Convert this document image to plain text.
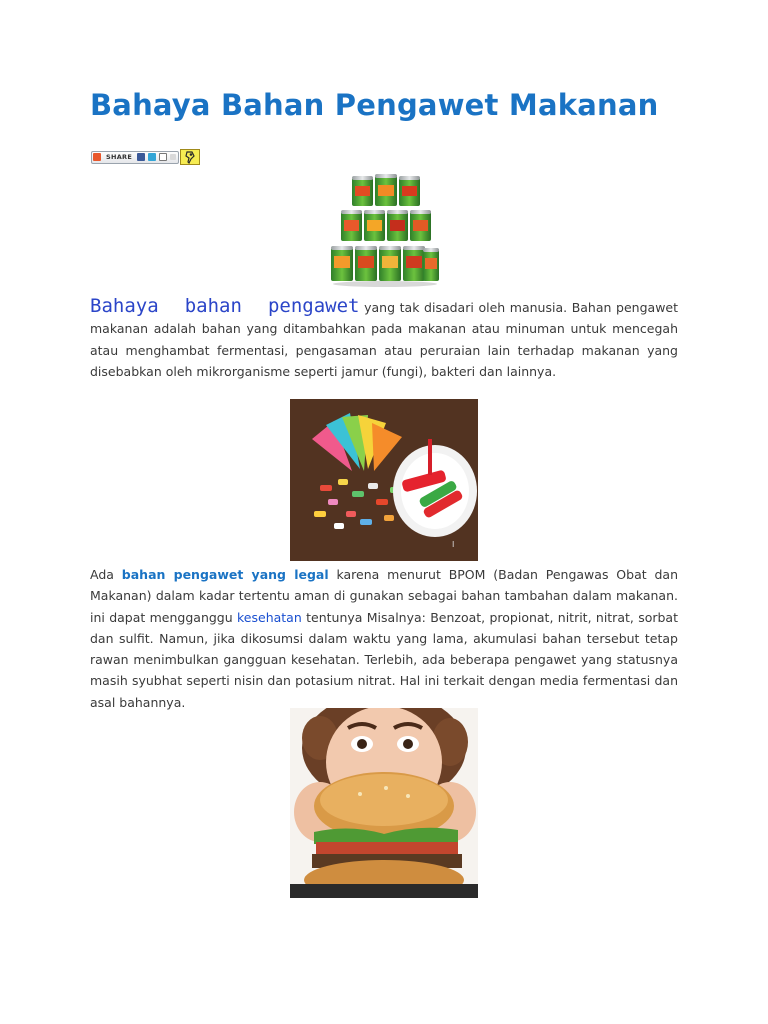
Bahaya Bahan Pengawet Makanan
SHARE

Bahaya bahan pengawet yang tak disadari oleh manusia. Bahan pengawet makanan adalah bahan yang ditambahkan pada makanan atau minuman untuk mencegah atau menghambat fermentasi, pengasaman atau peruraian lain terhadap makanan yang disebabkan oleh mikrorganisme seperti jamur (fungi), bakteri dan lainnya.

I

Ada bahan pengawet yang legal karena menurut BPOM (Badan Pengawas Obat dan Makanan) dalam kadar tertentu aman di gunakan sebagai bahan tambahan dalam makanan. ini dapat mengganggu kesehatan tentunya Misalnya: Benzoat, propionat, nitrit, nitrat, sorbat dan sulfit. Namun, jika dikosumsi dalam waktu yang lama, akumulasi bahan tersebut tetap rawan menimbulkan gangguan kesehatan. Terlebih, ada beberapa pengawet yang statusnya masih syubhat seperti nisin dan potasium nitrat. Hal ini terkait dengan media fermentasi dan asal bahannya.
